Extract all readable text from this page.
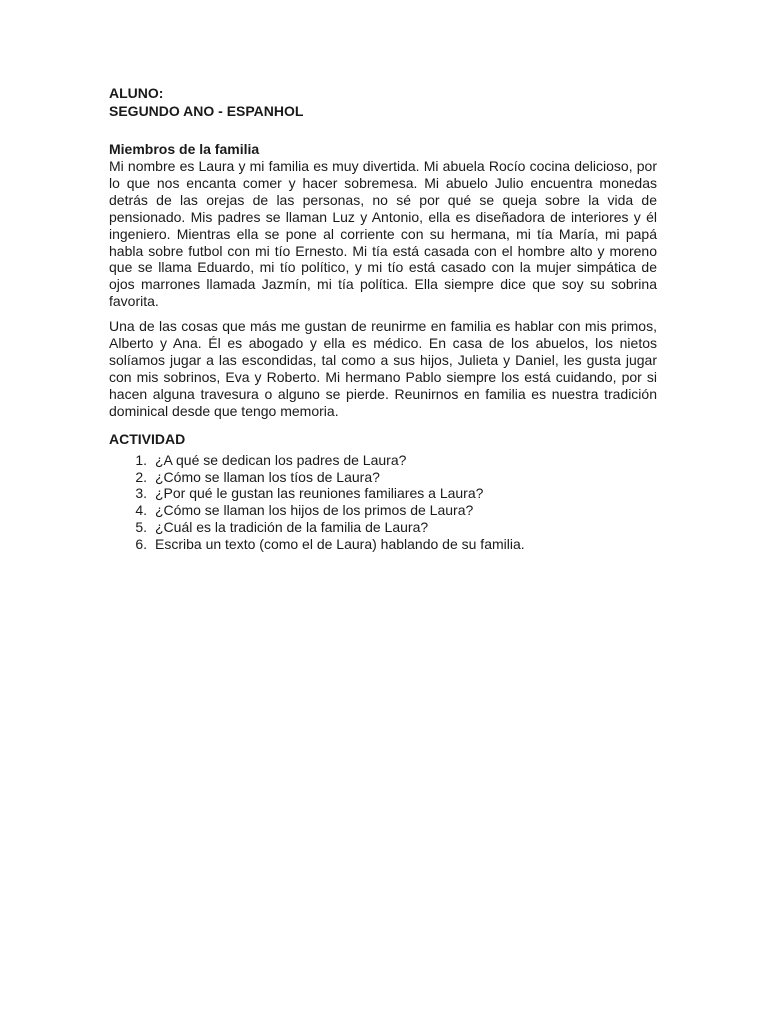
ALUNO:

SEGUNDO ANO - ESPANHOL

Miembros de la familia

Mi nombre es Laura y mi familia es muy divertida. Mi abuela Rocío cocina delicioso, por lo que nos encanta comer y hacer sobremesa. Mi abuelo Julio encuentra monedas detrás de las orejas de las personas, no sé por qué se queja sobre la vida de pensionado. Mis padres se llaman Luz y Antonio, ella es diseñadora de interiores y él ingeniero. Mientras ella se pone al corriente con su hermana, mi tía María, mi papá habla sobre futbol con mi tío Ernesto. Mi tía está casada con el hombre alto y moreno que se llama Eduardo, mi tío político, y mi tío está casado con la mujer simpática de ojos marrones llamada Jazmín, mi tía política. Ella siempre dice que soy su sobrina favorita.

Una de las cosas que más me gustan de reunirme en familia es hablar con mis primos, Alberto y Ana. Él es abogado y ella es médico. En casa de los abuelos, los nietos solíamos jugar a las escondidas, tal como a sus hijos, Julieta y Daniel, les gusta jugar con mis sobrinos, Eva y Roberto. Mi hermano Pablo siempre los está cuidando, por si hacen alguna travesura o alguno se pierde. Reunirnos en familia es nuestra tradición dominical desde que tengo memoria.

ACTIVIDAD

1. ¿A qué se dedican los padres de Laura?
2. ¿Cómo se llaman los tíos de Laura?
3. ¿Por qué le gustan las reuniones familiares a Laura?
4. ¿Cómo se llaman los hijos de los primos de Laura?
5. ¿Cuál es la tradición de la familia de Laura?
6. Escriba un texto (como el de Laura) hablando de su familia.
